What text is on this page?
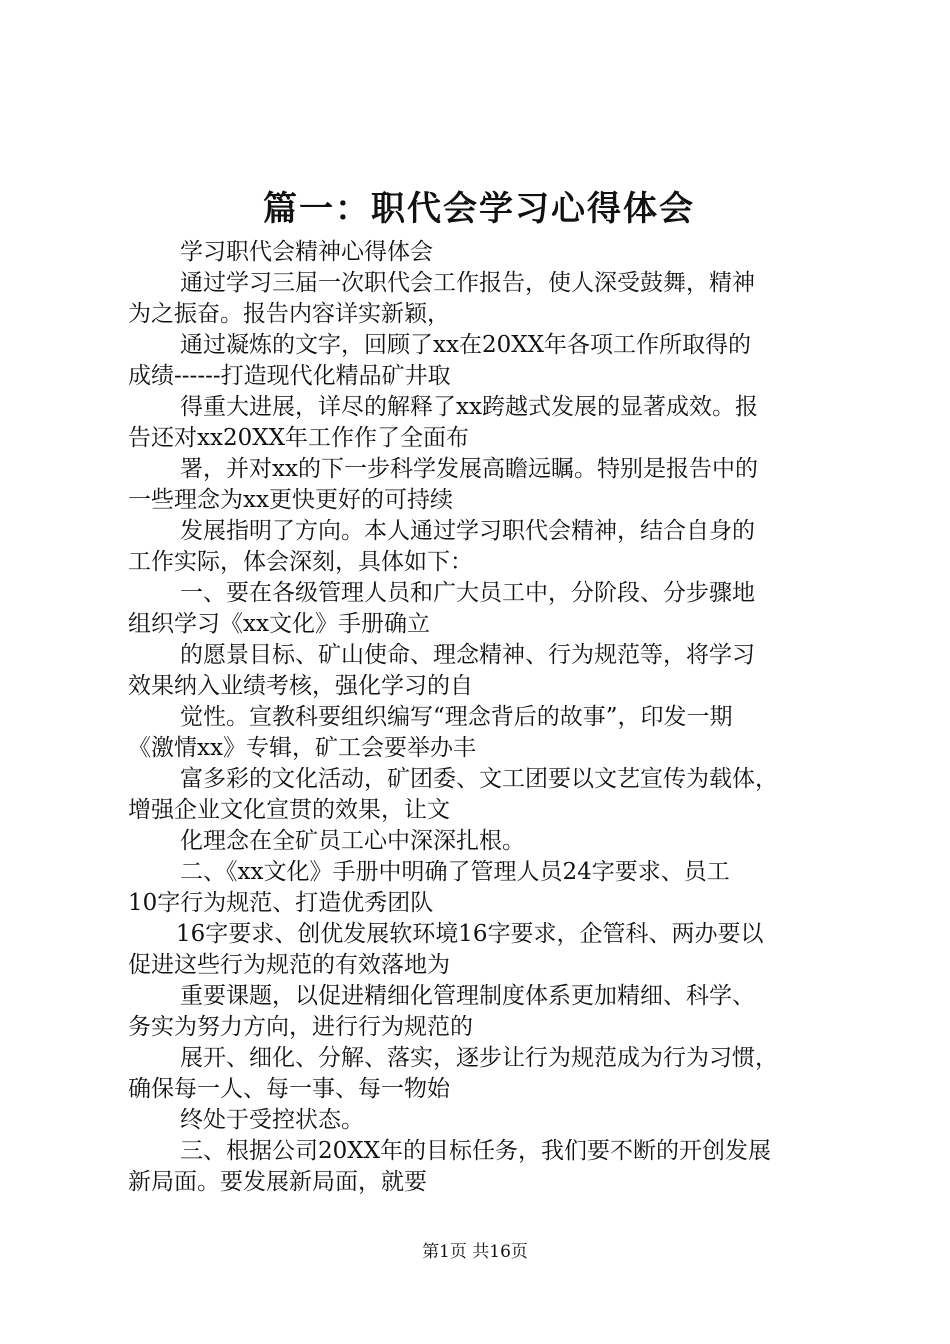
篇一：职代会学习心得体会
学习职代会精神心得体会
通过学习三届一次职代会工作报告，使人深受鼓舞，精神
为之振奋。报告内容详实新颖，
通过凝炼的文字，回顾了xx在20XX年各项工作所取得的
成绩------打造现代化精品矿井取
得重大进展，详尽的解释了xx跨越式发展的显著成效。报
告还对xx20XX年工作作了全面布
署，并对xx的下一步科学发展高瞻远瞩。特别是报告中的
一些理念为xx更快更好的可持续
发展指明了方向。本人通过学习职代会精神，结合自身的
工作实际，体会深刻，具体如下：
一、要在各级管理人员和广大员工中，分阶段、分步骤地
组织学习《xx文化》手册确立
的愿景目标、矿山使命、理念精神、行为规范等，将学习
效果纳入业绩考核，强化学习的自
觉性。宣教科要组织编写“理念背后的故事”，印发一期
《激情xx》专辑，矿工会要举办丰
富多彩的文化活动，矿团委、文工团要以文艺宣传为载体，
增强企业文化宣贯的效果，让文
化理念在全矿员工心中深深扎根。
二、《xx文化》手册中明确了管理人员24字要求、员工
10字行为规范、打造优秀团队
16字要求、创优发展软环境16字要求，企管科、两办要以
促进这些行为规范的有效落地为
重要课题，以促进精细化管理制度体系更加精细、科学、
务实为努力方向，进行行为规范的
展开、细化、分解、落实，逐步让行为规范成为行为习惯，
确保每一人、每一事、每一物始
终处于受控状态。
三、根据公司20XX年的目标任务，我们要不断的开创发展
新局面。要发展新局面，就要
第1页 共16页
